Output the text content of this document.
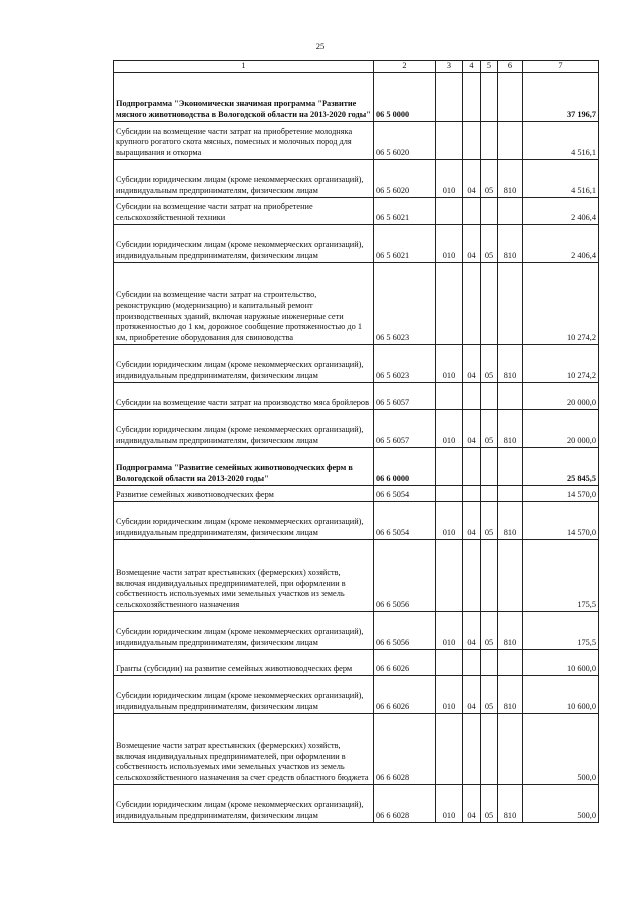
25
1	2	3	4	5	6	7
Подпрограмма "Экономически значимая программа "Развитие мясного животноводства в Вологодской области на 2013-2020 годы"	06 5 0000					37 196,7
Субсидии на возмещение части затрат на приобретение молодняка крупного рогатого скота мясных, помесных и молочных пород для выращивания и откорма	06 5 6020					4 516,1
Субсидии юридическим лицам (кроме некоммерческих организаций), индивидуальным предпринимателям, физическим лицам	06 5 6020	010	04	05	810	4 516,1
Субсидии на возмещение части затрат на приобретение сельскохозяйственной техники	06 5 6021					2 406,4
Субсидии юридическим лицам (кроме некоммерческих организаций), индивидуальным предпринимателям, физическим лицам	06 5 6021	010	04	05	810	2 406,4
Субсидии на возмещение части затрат на строительство, реконструкцию (модернизацию) и капитальный ремонт производственных зданий, включая наружные инженерные сети протяженностью до 1 км, дорожное сообщение протяженностью до 1 км, приобретение оборудования для свиноводства	06 5 6023					10 274,2
Субсидии юридическим лицам (кроме некоммерческих организаций), индивидуальным предпринимателям, физическим лицам	06 5 6023	010	04	05	810	10 274,2
Субсидии на возмещение части затрат на производство мяса бройлеров	06 5 6057					20 000,0
Субсидии юридическим лицам (кроме некоммерческих организаций), индивидуальным предпринимателям, физическим лицам	06 5 6057	010	04	05	810	20 000,0
Подпрограмма "Развитие семейных животноводческих ферм в Вологодской области на 2013-2020 годы"	06 6 0000					25 845,5
Развитие семейных животноводческих ферм	06 6 5054					14 570,0
Субсидии юридическим лицам (кроме некоммерческих организаций), индивидуальным предпринимателям, физическим лицам	06 6 5054	010	04	05	810	14 570,0
Возмещение части затрат крестьянских (фермерских) хозяйств, включая индивидуальных предпринимателей, при оформлении в собственность используемых ими земельных участков из земель сельскохозяйственного назначения	06 6 5056					175,5
Субсидии юридическим лицам (кроме некоммерческих организаций), индивидуальным предпринимателям, физическим лицам	06 6 5056	010	04	05	810	175,5
Гранты (субсидии) на развитие семейных животноводческих ферм	06 6 6026					10 600,0
Субсидии юридическим лицам (кроме некоммерческих организаций), индивидуальным предпринимателям, физическим лицам	06 6 6026	010	04	05	810	10 600,0
Возмещение части затрат крестьянских (фермерских) хозяйств, включая индивидуальных предпринимателей, при оформлении в собственность используемых ими земельных участков из земель сельскохозяйственного назначения за счет средств областного бюджета	06 6 6028					500,0
Субсидии юридическим лицам (кроме некоммерческих организаций), индивидуальным предпринимателям, физическим лицам	06 6 6028	010	04	05	810	500,0
